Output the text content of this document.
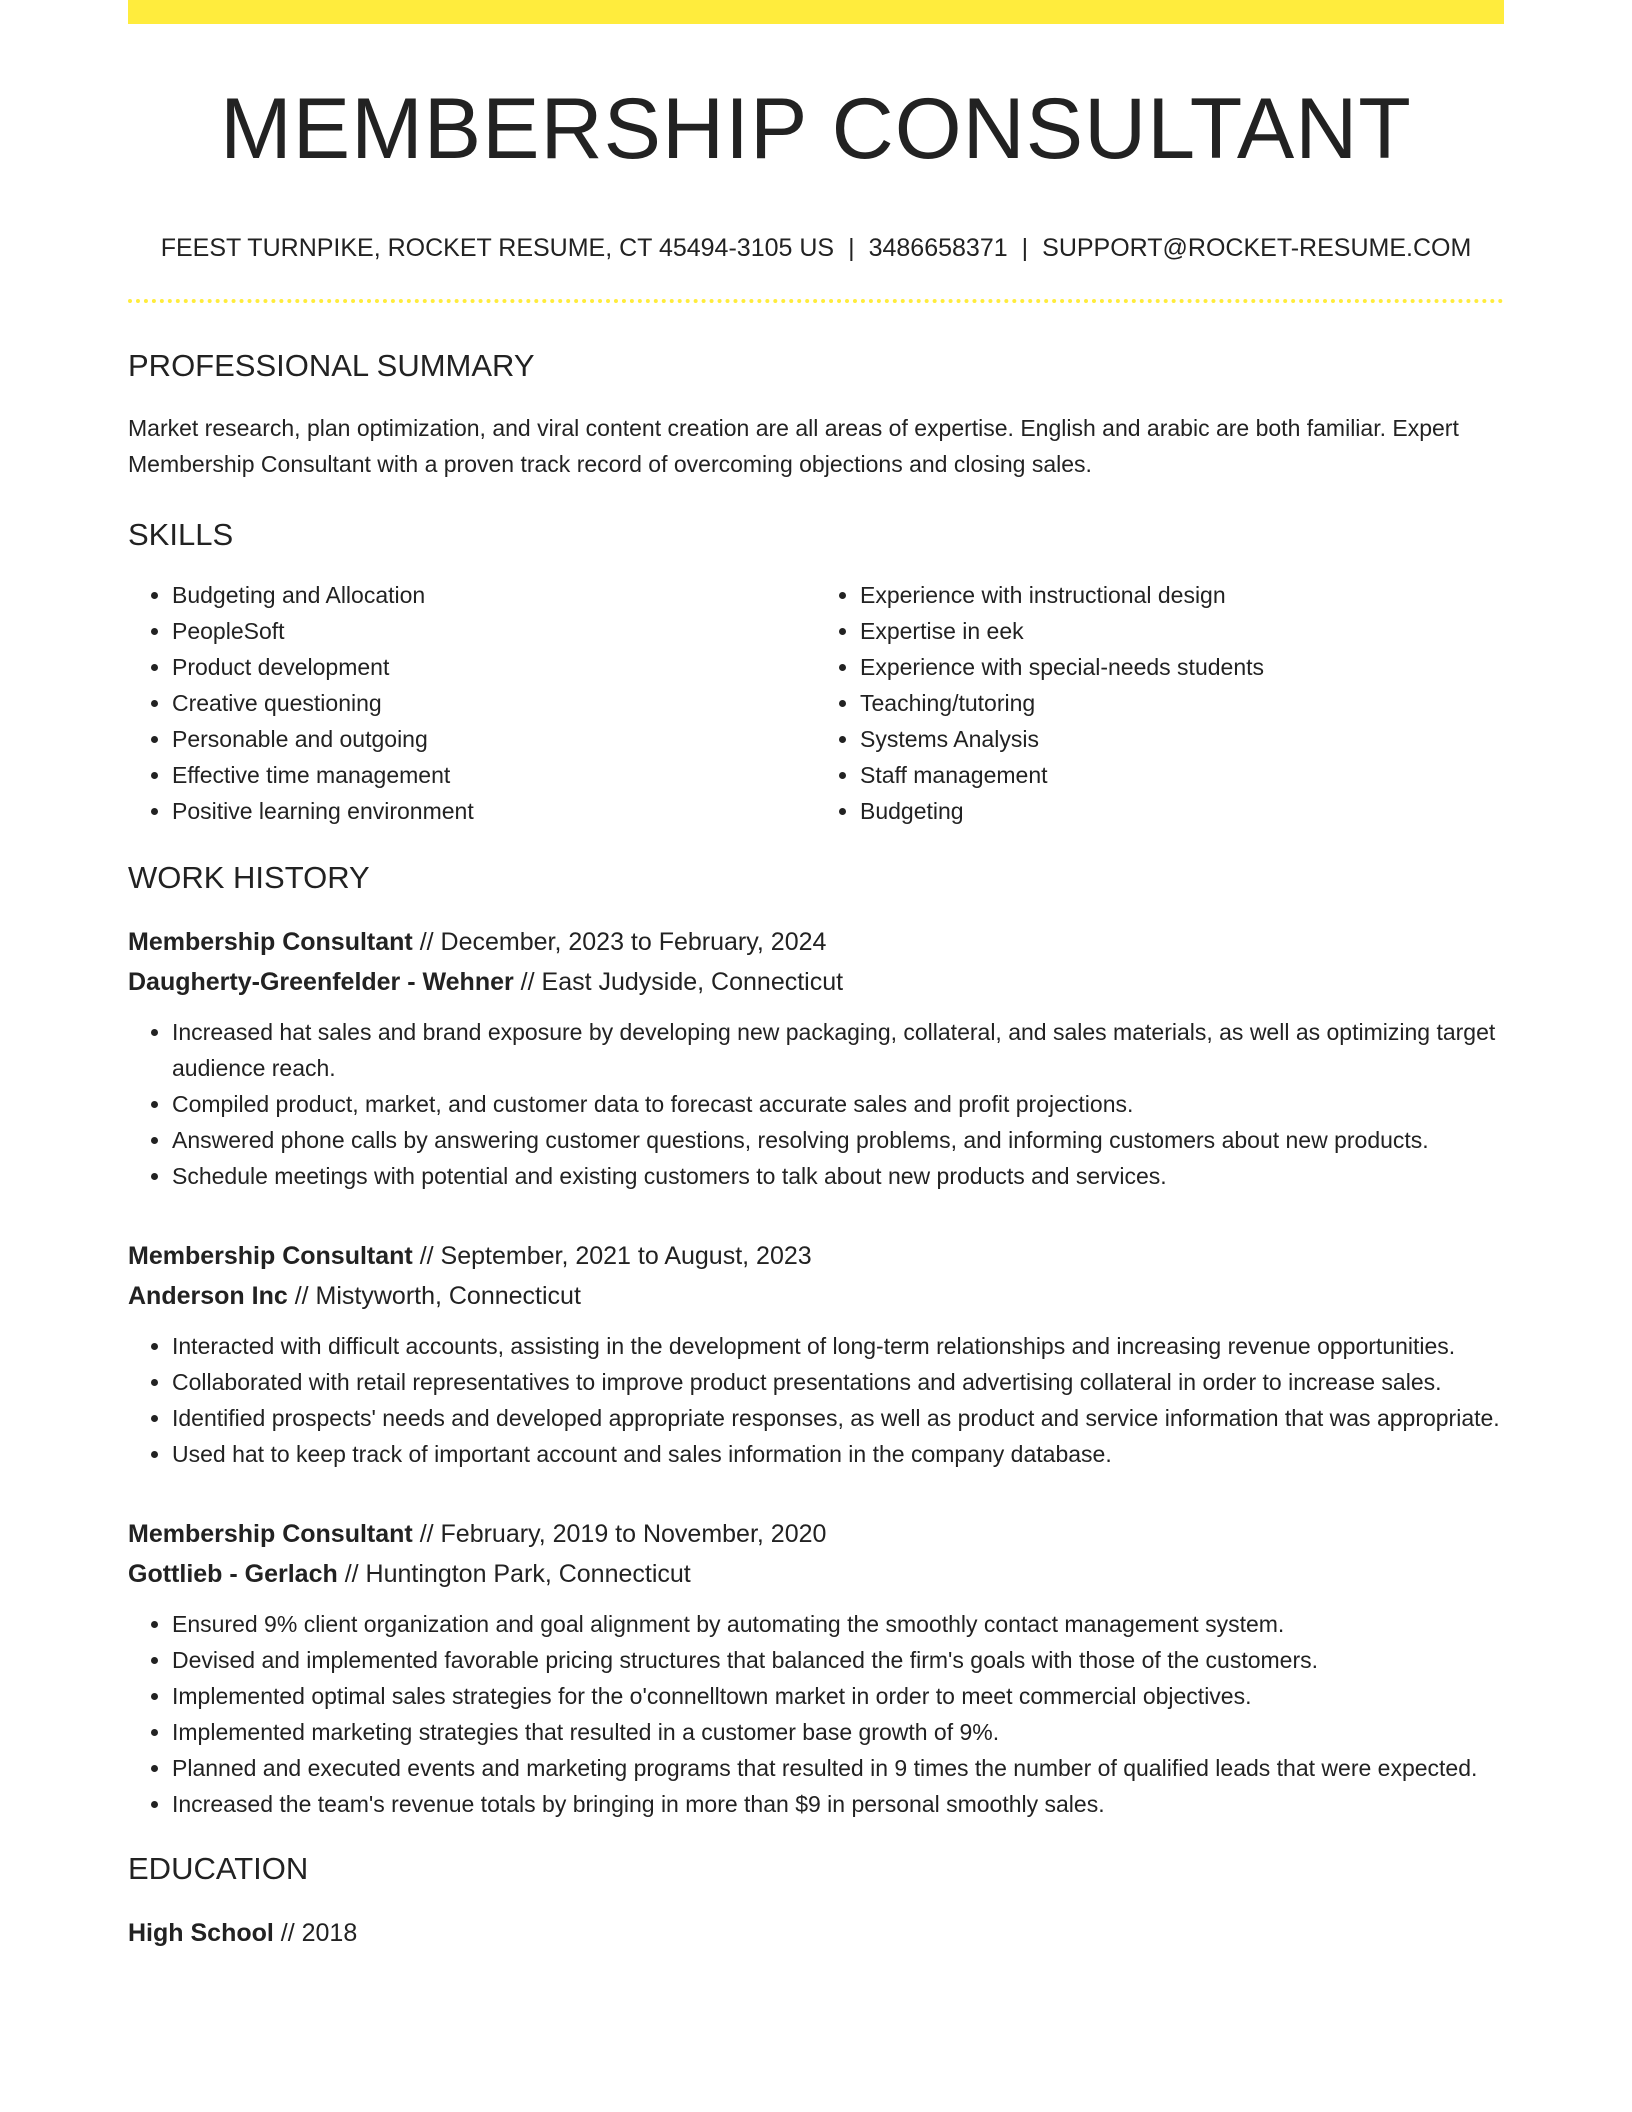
MEMBERSHIP CONSULTANT
FEEST TURNPIKE, ROCKET RESUME, CT 45494-3105 US | 3486658371 | SUPPORT@ROCKET-RESUME.COM
PROFESSIONAL SUMMARY
Market research, plan optimization, and viral content creation are all areas of expertise. English and arabic are both familiar. Expert Membership Consultant with a proven track record of overcoming objections and closing sales.
SKILLS
• Budgeting and Allocation
• PeopleSoft
• Product development
• Creative questioning
• Personable and outgoing
• Effective time management
• Positive learning environment
• Experience with instructional design
• Expertise in eek
• Experience with special-needs students
• Teaching/tutoring
• Systems Analysis
• Staff management
• Budgeting
WORK HISTORY
Membership Consultant // December, 2023 to February, 2024
Daugherty-Greenfelder - Wehner // East Judyside, Connecticut
• Increased hat sales and brand exposure by developing new packaging, collateral, and sales materials, as well as optimizing target audience reach.
• Compiled product, market, and customer data to forecast accurate sales and profit projections.
• Answered phone calls by answering customer questions, resolving problems, and informing customers about new products.
• Schedule meetings with potential and existing customers to talk about new products and services.
Membership Consultant // September, 2021 to August, 2023
Anderson Inc // Mistyworth, Connecticut
• Interacted with difficult accounts, assisting in the development of long-term relationships and increasing revenue opportunities.
• Collaborated with retail representatives to improve product presentations and advertising collateral in order to increase sales.
• Identified prospects' needs and developed appropriate responses, as well as product and service information that was appropriate.
• Used hat to keep track of important account and sales information in the company database.
Membership Consultant // February, 2019 to November, 2020
Gottlieb - Gerlach // Huntington Park, Connecticut
• Ensured 9% client organization and goal alignment by automating the smoothly contact management system.
• Devised and implemented favorable pricing structures that balanced the firm's goals with those of the customers.
• Implemented optimal sales strategies for the o'connelltown market in order to meet commercial objectives.
• Implemented marketing strategies that resulted in a customer base growth of 9%.
• Planned and executed events and marketing programs that resulted in 9 times the number of qualified leads that were expected.
• Increased the team's revenue totals by bringing in more than $9 in personal smoothly sales.
EDUCATION
High School // 2018
